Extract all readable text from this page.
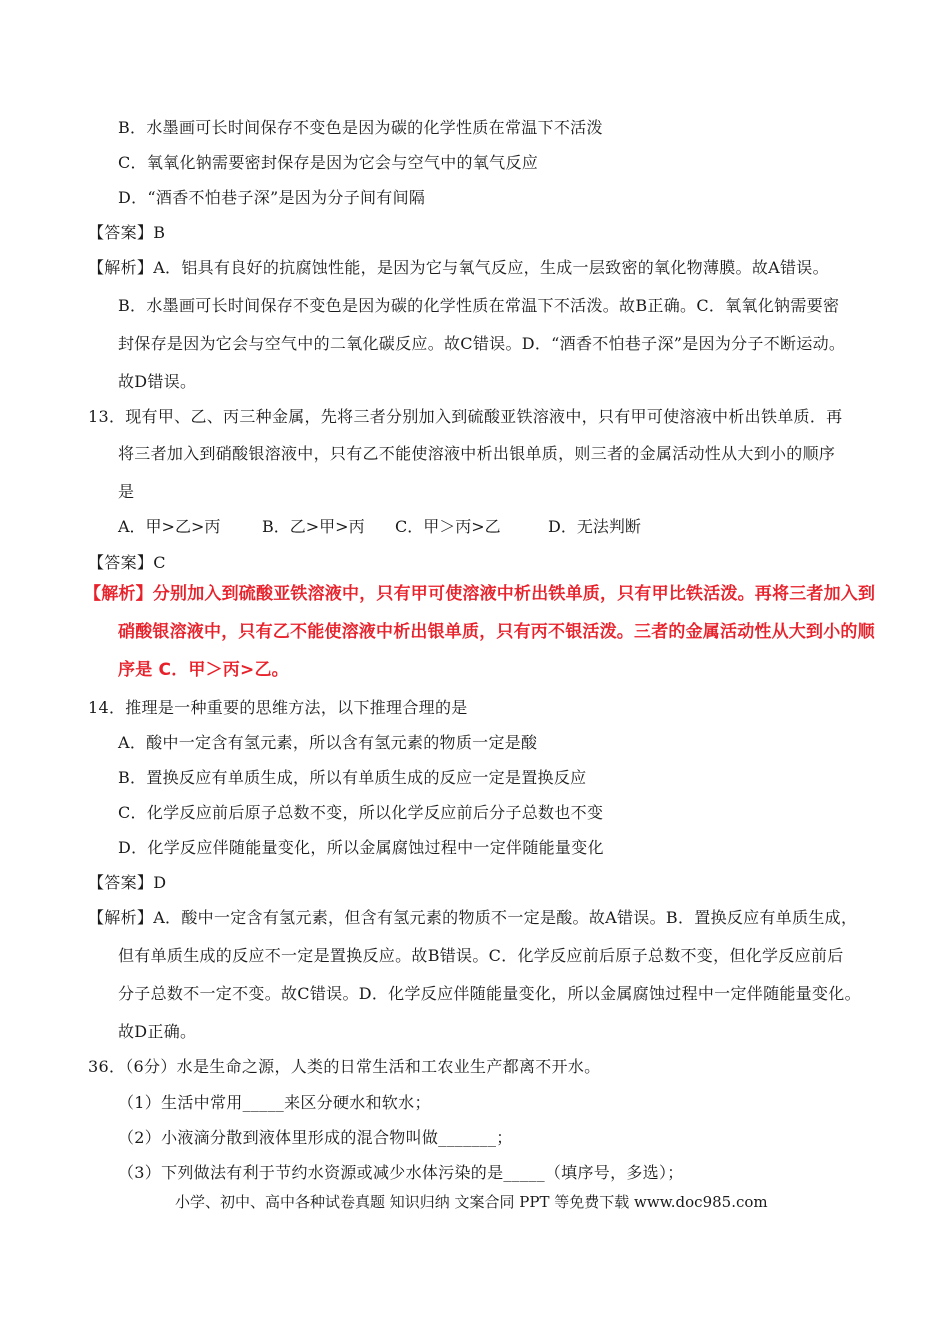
B．水墨画可长时间保存不变色是因为碳的化学性质在常温下不活泼
C．氧氧化钠需要密封保存是因为它会与空气中的氧气反应
D．“酒香不怕巷子深”是因为分子间有间隔
【答案】B
【解析】A．铝具有良好的抗腐蚀性能，是因为它与氧气反应，生成一层致密的氧化物薄膜。故A错误。
B．水墨画可长时间保存不变色是因为碳的化学性质在常温下不活泼。故B正确。C．氧氧化钠需要密
封保存是因为它会与空气中的二氧化碳反应。故C错误。D．“酒香不怕巷子深”是因为分子不断运动。
故D错误。
13．现有甲、乙、丙三种金属，先将三者分别加入到硫酸亚铁溶液中，只有甲可使溶液中析出铁单质．再
将三者加入到硝酸银溶液中，只有乙不能使溶液中析出银单质，则三者的金属活动性从大到小的顺序
是
A．甲>乙>丙	B．乙>甲>丙 C．甲＞丙>乙	D．无法判断
【答案】C
【解析】分别加入到硫酸亚铁溶液中，只有甲可使溶液中析出铁单质，只有甲比铁活泼。再将三者加入到
硝酸银溶液中，只有乙不能使溶液中析出银单质，只有丙不银活泼。三者的金属活动性从大到小的顺
序是 C．甲＞丙>乙。
14．推理是一种重要的思维方法，以下推理合理的是
A．酸中一定含有氢元素，所以含有氢元素的物质一定是酸
B．置换反应有单质生成，所以有单质生成的反应一定是置换反应
C．化学反应前后原子总数不变，所以化学反应前后分子总数也不变
D．化学反应伴随能量变化，所以金属腐蚀过程中一定伴随能量变化
【答案】D
【解析】A．酸中一定含有氢元素，但含有氢元素的物质不一定是酸。故A错误。B．置换反应有单质生成，
但有单质生成的反应不一定是置换反应。故B错误。C．化学反应前后原子总数不变，但化学反应前后
分子总数不一定不变。故C错误。D．化学反应伴随能量变化，所以金属腐蚀过程中一定伴随能量变化。
故D正确。
36．（6分）水是生命之源，人类的日常生活和工农业生产都离不开水。
（1）生活中常用_____来区分硬水和软水；
（2）小液滴分散到液体里形成的混合物叫做_______；
（3）下列做法有利于节约水资源或减少水体污染的是_____（填序号，多选）；
小学、初中、高中各种试卷真题 知识归纳 文案合同 PPT 等免费下载 www.doc985.com
